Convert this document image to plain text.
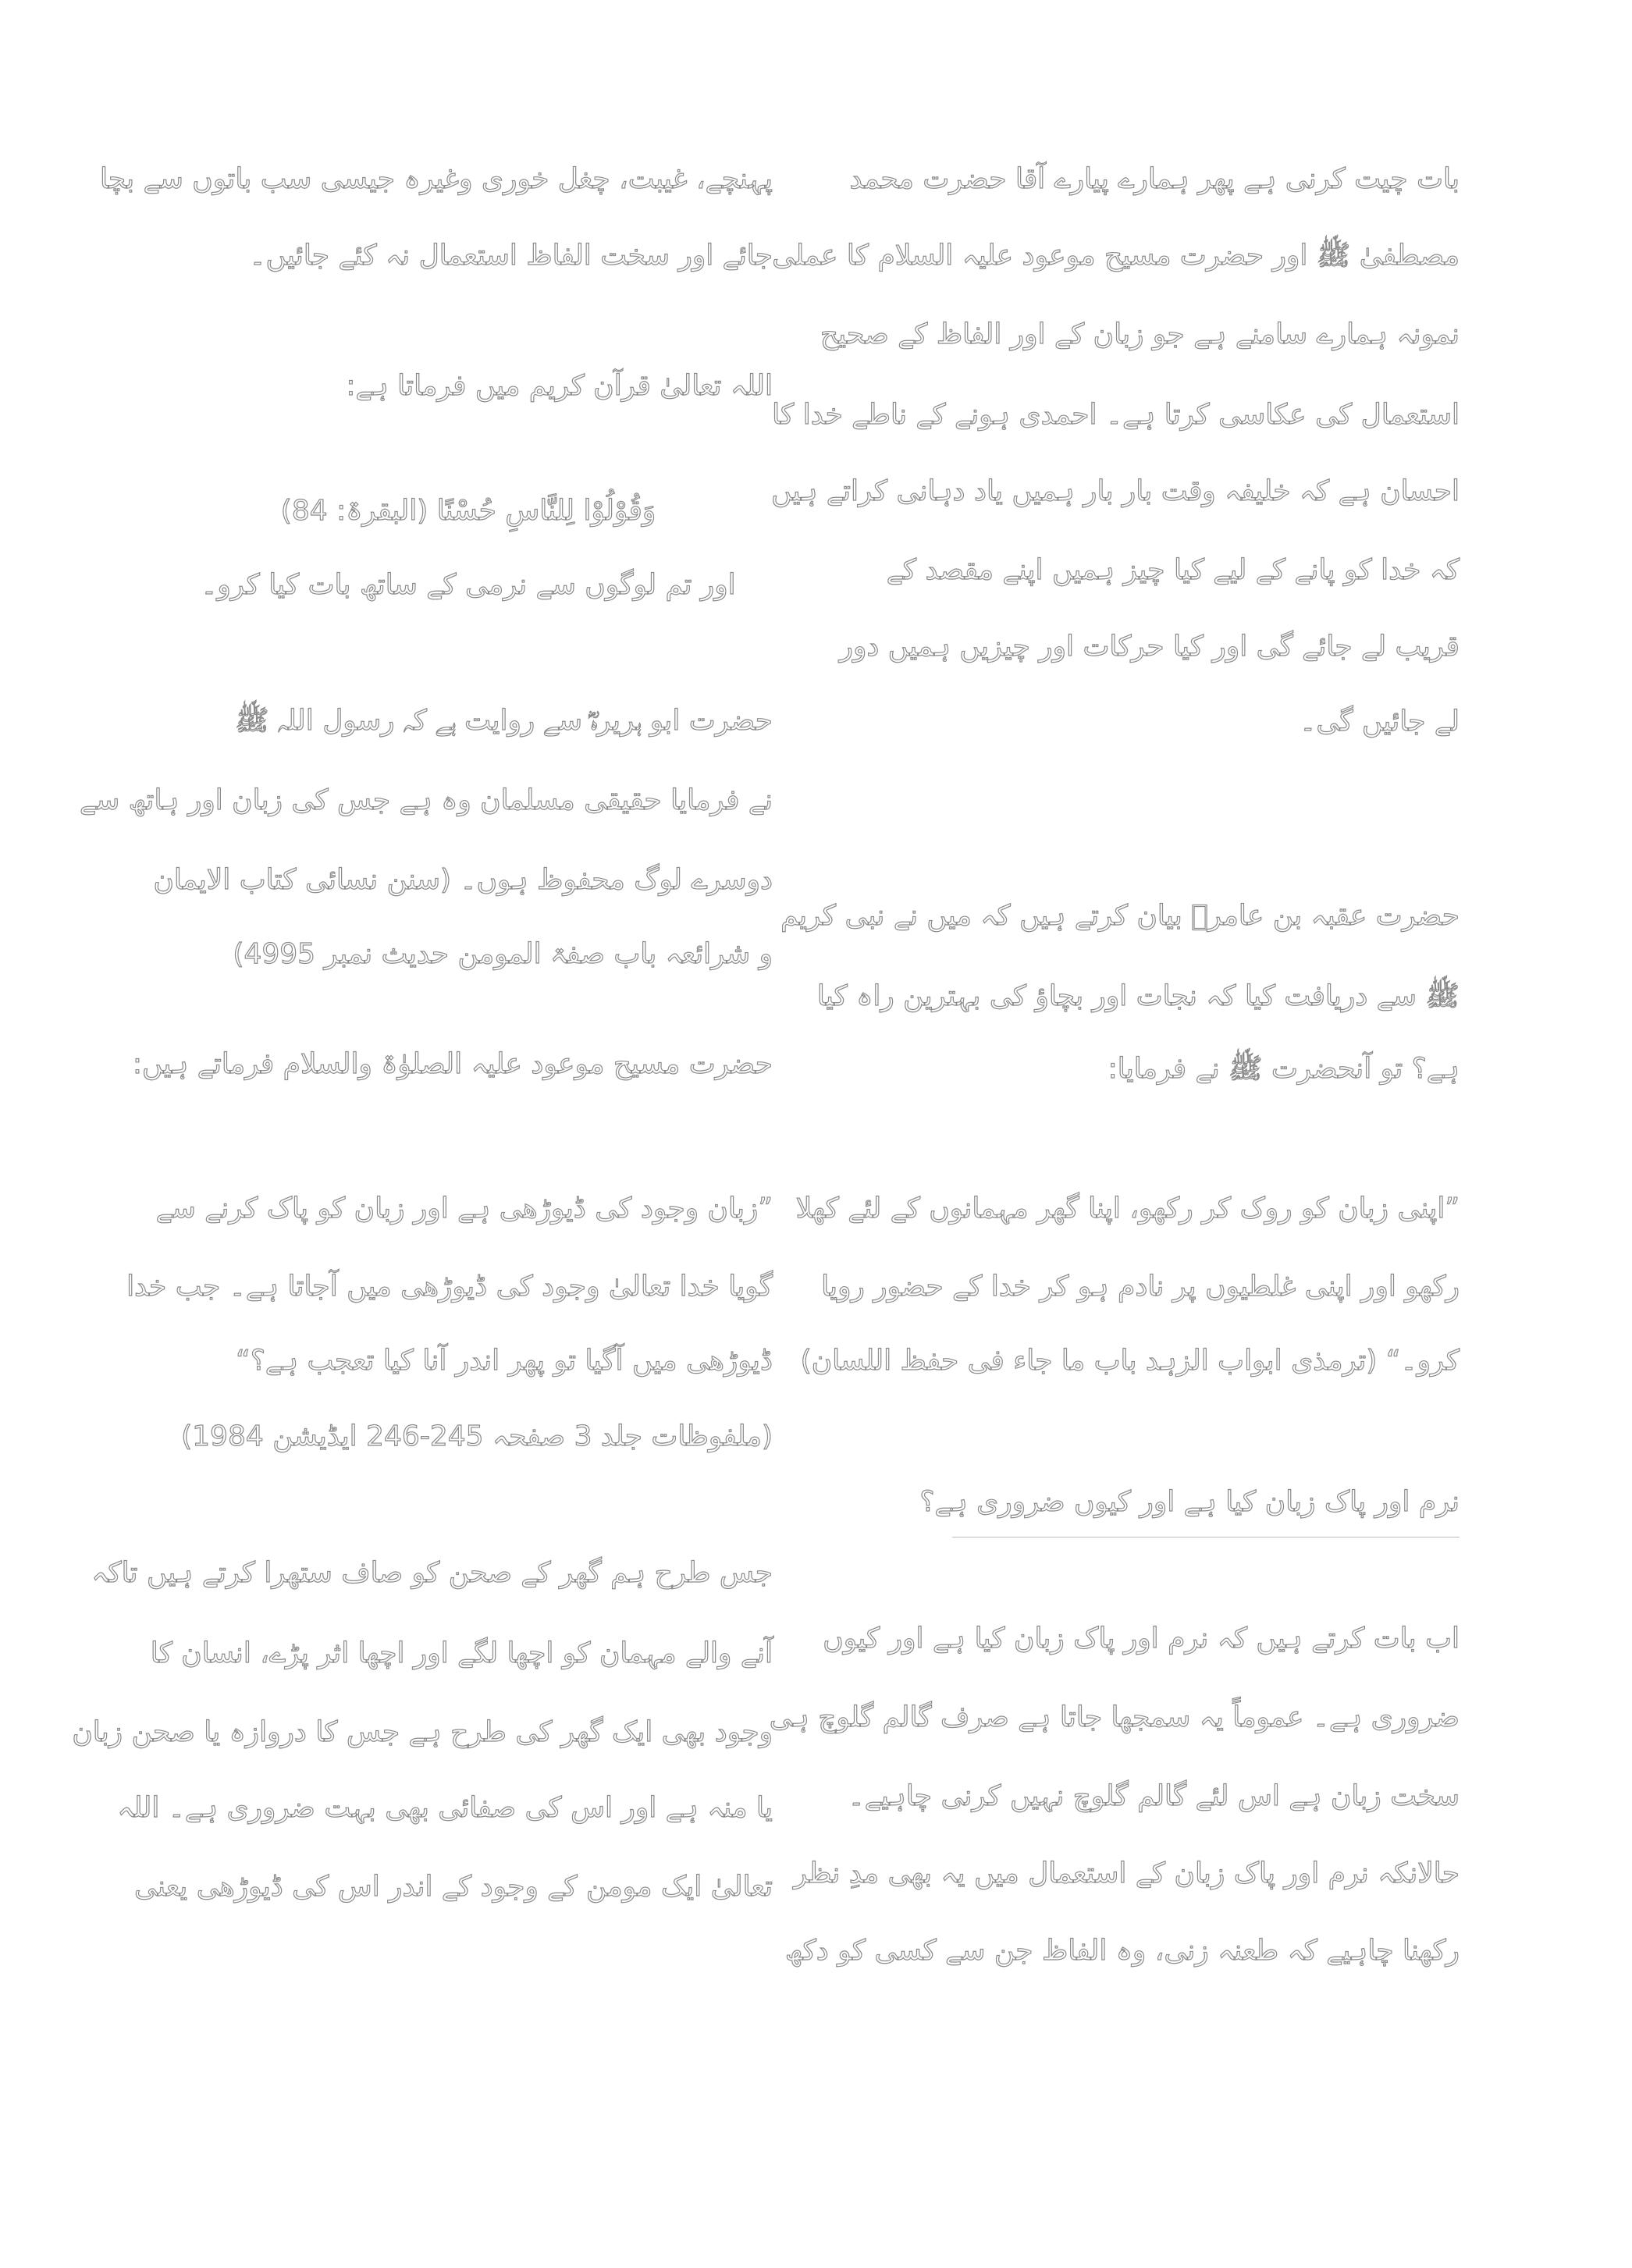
بات چیت کرنی ہے پھر ہمارے پیارے آقا حضرت محمد

مصطفیٰ ﷺ اور حضرت مسیح موعود علیہ السلام کا عملی

نمونہ ہمارے سامنے ہے جو زبان کے اور الفاظ کے صحیح

استعمال کی عکاسی کرتا ہے۔ احمدی ہونے کے ناطے خدا کا

احسان ہے کہ خلیفہ وقت بار بار ہمیں یاد دہانی کراتے ہیں

کہ خدا کو پانے کے لیے کیا چیز ہمیں اپنے مقصد کے

قریب لے جائے گی اور کیا حرکات اور چیزیں ہمیں دور

لے جائیں گی۔

حضرت عقبہ بن عامرؓ بیان کرتے ہیں کہ میں نے نبی کریم

ﷺ سے دریافت کیا کہ نجات اور بچاؤ کی بہترین راہ کیا

ہے؟ تو آنحضرت ﷺ نے فرمایا:

”اپنی زبان کو روک کر رکھو، اپنا گھر مہمانوں کے لئے کھلا

رکھو اور اپنی غلطیوں پر نادم ہو کر خدا کے حضور رویا

کرو۔“ (ترمذی ابواب الزہد باب ما جاء فی حفظ اللسان)

نرم اور پاک زبان کیا ہے اور کیوں ضروری ہے؟

اب بات کرتے ہیں کہ نرم اور پاک زبان کیا ہے اور کیوں

ضروری ہے۔ عموماً یہ سمجھا جاتا ہے صرف گالم گلوچ ہی

سخت زبان ہے اس لئے گالم گلوچ نہیں کرنی چاہیے۔

حالانکہ نرم اور پاک زبان کے استعمال میں یہ بھی مدِ نظر

رکھنا چاہیے کہ طعنہ زنی، وہ الفاظ جن سے کسی کو دکھ

پہنچے، غیبت، چغل خوری وغیرہ جیسی سب باتوں سے بچا

جائے اور سخت الفاظ استعمال نہ کئے جائیں۔

اللہ تعالیٰ قرآن کریم میں فرماتا ہے:

وَقُوْلُوْا لِلنَّاسِ حُسْنًا (البقرۃ: 84)

اور تم لوگوں سے نرمی کے ساتھ بات کیا کرو۔

حضرت ابو ہریرہؓ سے روایت ہے کہ رسول اللہ ﷺ

نے فرمایا حقیقی مسلمان وہ ہے جس کی زبان اور ہاتھ سے

دوسرے لوگ محفوظ ہوں۔ (سنن نسائی کتاب الایمان

و شرائعہ باب صفۃ المومن حدیث نمبر 4995)

حضرت مسیح موعود علیہ الصلوٰۃ والسلام فرماتے ہیں:

”زبان وجود کی ڈیوڑھی ہے اور زبان کو پاک کرنے سے

گویا خدا تعالیٰ وجود کی ڈیوڑھی میں آجاتا ہے۔ جب خدا

ڈیوڑھی میں آگیا تو پھر اندر آنا کیا تعجب ہے؟“

(ملفوظات جلد 3 صفحہ 245-246 ایڈیشن 1984)

جس طرح ہم گھر کے صحن کو صاف ستھرا کرتے ہیں تاکہ

آنے والے مہمان کو اچھا لگے اور اچھا اثر پڑے، انسان کا

وجود بھی ایک گھر کی طرح ہے جس کا دروازہ یا صحن زبان

یا منہ ہے اور اس کی صفائی بھی بہت ضروری ہے۔ اللہ

تعالیٰ ایک مومن کے وجود کے اندر اس کی ڈیوڑھی یعنی
